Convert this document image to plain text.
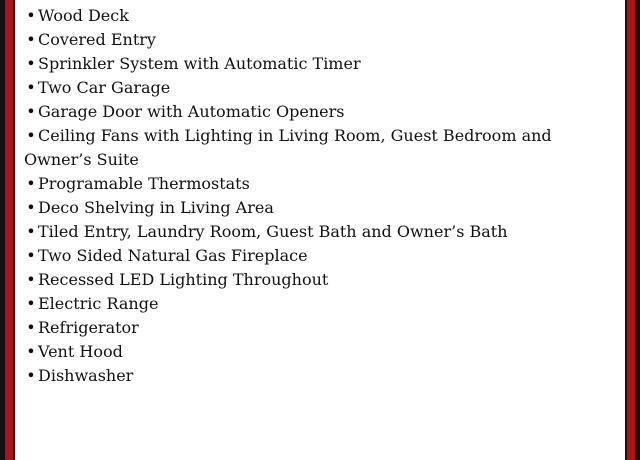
• Wood Deck
• Covered Entry
• Sprinkler System with Automatic Timer
• Two Car Garage
• Garage Door with Automatic Openers
• Ceiling Fans with Lighting in Living Room, Guest Bedroom and Owner’s Suite
• Programable Thermostats
• Deco Shelving in Living Area
• Tiled Entry, Laundry Room, Guest Bath and Owner’s Bath
• Two Sided Natural Gas Fireplace
• Recessed LED Lighting Throughout
• Electric Range
• Refrigerator
• Vent Hood
• Dishwasher
